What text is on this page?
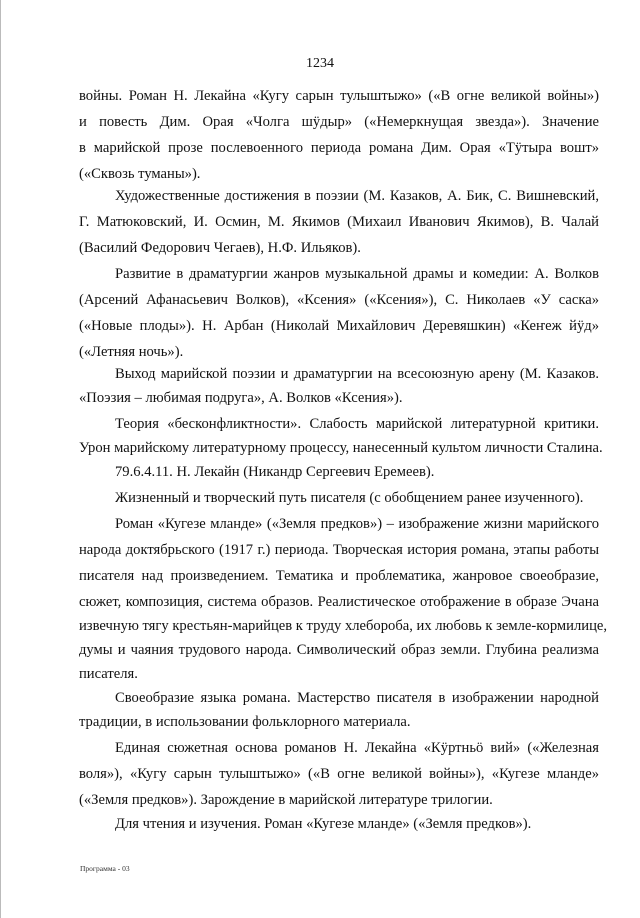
1234
войны. Роман Н. Лекайна «Кугу сарын тулыштыжо» («В огне великой войны»)
и повесть Дим. Орая «Чолга шӱдыр» («Немеркнущая звезда»). Значение
в марийской прозе послевоенного периода романа Дим. Орая «Тӱтыра вошт»
(«Сквозь туманы»).
Художественные достижения в поэзии (М. Казаков, А. Бик, С. Вишневский,
Г. Матюковский, И. Осмин, М. Якимов (Михаил Иванович Якимов), В. Чалай
(Василий Федорович Чегаев), Н.Ф. Ильяков).
Развитие в драматургии жанров музыкальной драмы и комедии: А. Волков
(Арсений Афанасьевич Волков), «Ксения» («Ксения»), С. Николаев «У саска»
(«Новые плоды»). Н. Арбан (Николай Михайлович Деревяшкин) «Кеҥеж йӱд»
(«Летняя ночь»).
Выход марийской поэзии и драматургии на всесоюзную арену (М. Казаков.
«Поэзия – любимая подруга», А. Волков «Ксения»).
Теория «бесконфликтности». Слабость марийской литературной критики.
Урон марийскому литературному процессу, нанесенный культом личности Сталина.
79.6.4.11. Н. Лекайн (Никандр Сергеевич Еремеев).
Жизненный и творческий путь писателя (с обобщением ранее изученного).
Роман «Кугезе мланде» («Земля предков») – изображение жизни марийского
народа доктябрьского (1917 г.) периода. Творческая история романа, этапы работы
писателя над произведением. Тематика и проблематика, жанровое своеобразие,
сюжет, композиция, система образов. Реалистическое отображение в образе Эчана
извечную тягу крестьян-марийцев к труду хлебороба, их любовь к земле-кормилице,
думы и чаяния трудового народа. Символический образ земли. Глубина реализма
писателя.
Своеобразие языка романа. Мастерство писателя в изображении народной
традиции, в использовании фольклорного материала.
Единая сюжетная основа романов Н. Лекайна «Кӱртньӧ вий» («Железная
воля»), «Кугу сарын тулыштыжо» («В огне великой войны»), «Кугезе мланде»
(«Земля предков»). Зарождение в марийской литературе трилогии.
Для чтения и изучения. Роман «Кугезе мланде» («Земля предков»).
Программа - 03
